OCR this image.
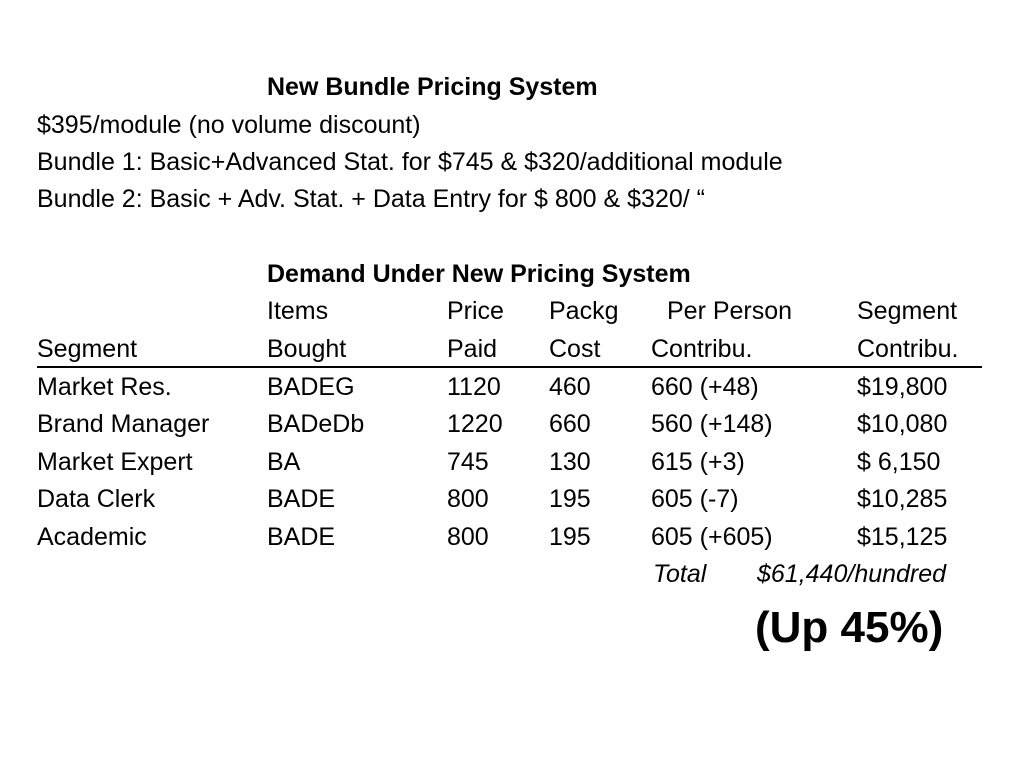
New Bundle Pricing System
$395/module (no volume discount)
Bundle 1: Basic+Advanced Stat. for $745 & $320/additional module
Bundle 2: Basic + Adv. Stat. + Data Entry for $ 800 & $320/ “
Demand Under New Pricing System
Items	Price Packg Per Person	Segment
Segment	Bought	Paid Cost Contribu.	Contribu.
Market Res.	BADEG	1120 460 660 (+48)	$19,800
Brand Manager BADeDb	1220 660 560 (+148)	$10,080
Market Expert	BA	745 130 615 (+3)	$ 6,150
Data Clerk	BADE	800 195 605 (-7)	$10,285
Academic	BADE	800 195 605 (+605)	$15,125
Total $61,440/hundred
(Up 45%)
